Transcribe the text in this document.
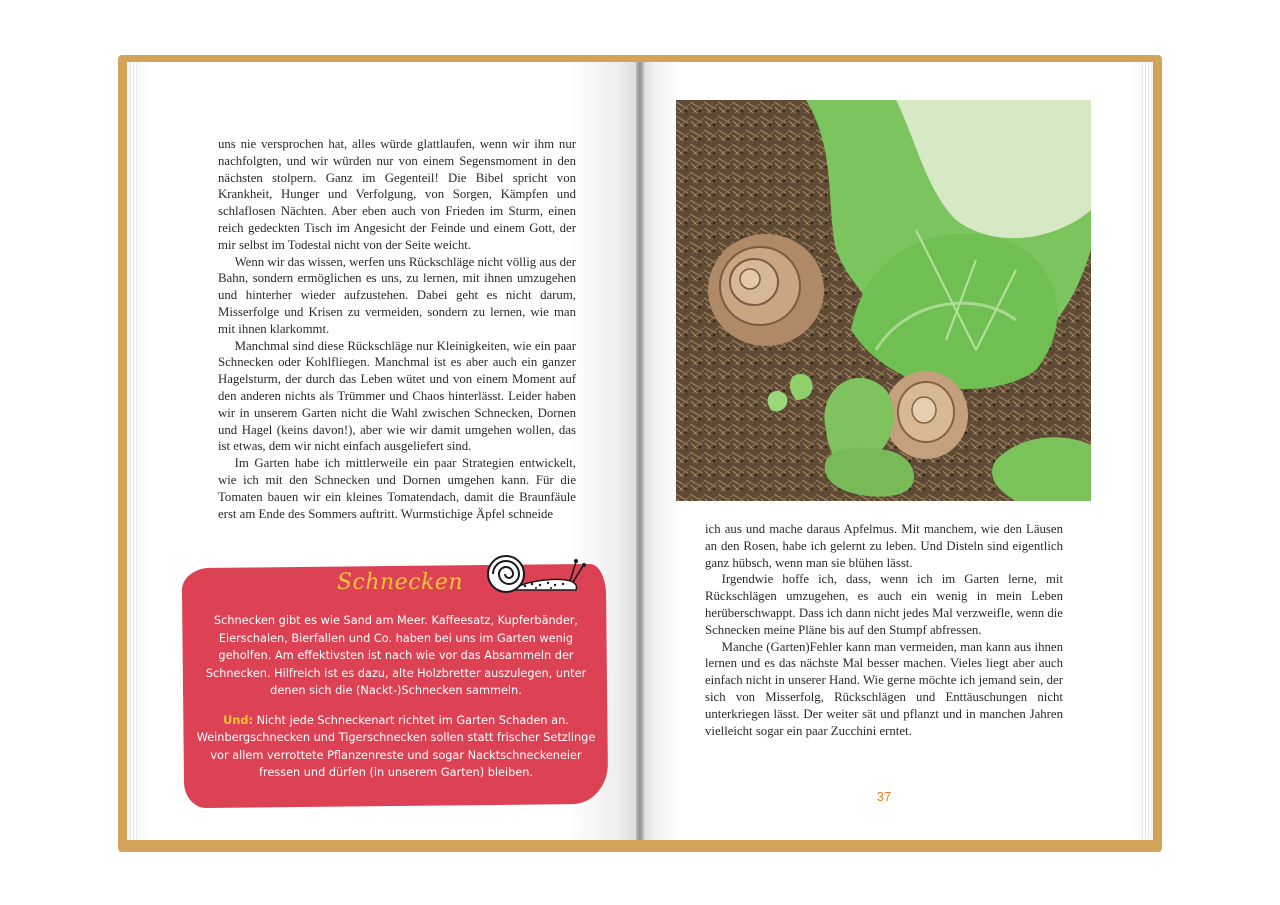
uns nie versprochen hat, alles würde glattlaufen, wenn wir ihm nur nachfolgten, und wir würden nur von einem Segensmoment in den nächsten stolpern. Ganz im Gegenteil! Die Bibel spricht von Krankheit, Hunger und Verfolgung, von Sorgen, Kämpfen und schlaflosen Nächten. Aber eben auch von Frieden im Sturm, einen reich gedeckten Tisch im Angesicht der Feinde und einem Gott, der mir selbst im Todestal nicht von der Seite weicht.

Wenn wir das wissen, werfen uns Rückschläge nicht völlig aus der Bahn, sondern ermöglichen es uns, zu lernen, mit ihnen umzugehen und hinterher wieder aufzustehen. Dabei geht es nicht darum, Misserfolge und Krisen zu vermeiden, sondern zu lernen, wie man mit ihnen klarkommt.

Manchmal sind diese Rückschläge nur Kleinigkeiten, wie ein paar Schnecken oder Kohlfliegen. Manchmal ist es aber auch ein ganzer Hagelsturm, der durch das Leben wütet und von einem Moment auf den anderen nichts als Trümmer und Chaos hinterlässt. Leider haben wir in unserem Garten nicht die Wahl zwischen Schnecken, Dornen und Hagel (keins davon!), aber wie wir damit umgehen wollen, das ist etwas, dem wir nicht einfach ausgeliefert sind.

Im Garten habe ich mittlerweile ein paar Strategien entwickelt, wie ich mit den Schnecken und Dornen umgehen kann. Für die Tomaten bauen wir ein kleines Tomatendach, damit die Braunfäule erst am Ende des Sommers auftritt. Wurmstichige Äpfel schneide

Schnecken

Schnecken gibt es wie Sand am Meer. Kaffeesatz, Kupferbänder, Eierschalen, Bierfallen und Co. haben bei uns im Garten wenig geholfen. Am effektivsten ist nach wie vor das Absammeln der Schnecken. Hilfreich ist es dazu, alte Holzbretter auszulegen, unter denen sich die (Nackt-)Schnecken sammeln.

Und: Nicht jede Schneckenart richtet im Garten Schaden an. Weinbergschnecken und Tigerschnecken sollen statt frischer Setzlinge vor allem verrottete Pflanzenreste und sogar Nacktschneckeneier fressen und dürfen (in unserem Garten) bleiben.

ich aus und mache daraus Apfelmus. Mit manchem, wie den Läusen an den Rosen, habe ich gelernt zu leben. Und Disteln sind eigentlich ganz hübsch, wenn man sie blühen lässt.

Irgendwie hoffe ich, dass, wenn ich im Garten lerne, mit Rückschlägen umzugehen, es auch ein wenig in mein Leben herüberschwappt. Dass ich dann nicht jedes Mal verzweifle, wenn die Schnecken meine Pläne bis auf den Stumpf abfressen.

Manche (Garten)Fehler kann man vermeiden, man kann aus ihnen lernen und es das nächste Mal besser machen. Vieles liegt aber auch einfach nicht in unserer Hand. Wie gerne möchte ich jemand sein, der sich von Misserfolg, Rückschlägen und Enttäuschungen nicht unterkriegen lässt. Der weiter sät und pflanzt und in manchen Jahren vielleicht sogar ein paar Zucchini erntet.

37
